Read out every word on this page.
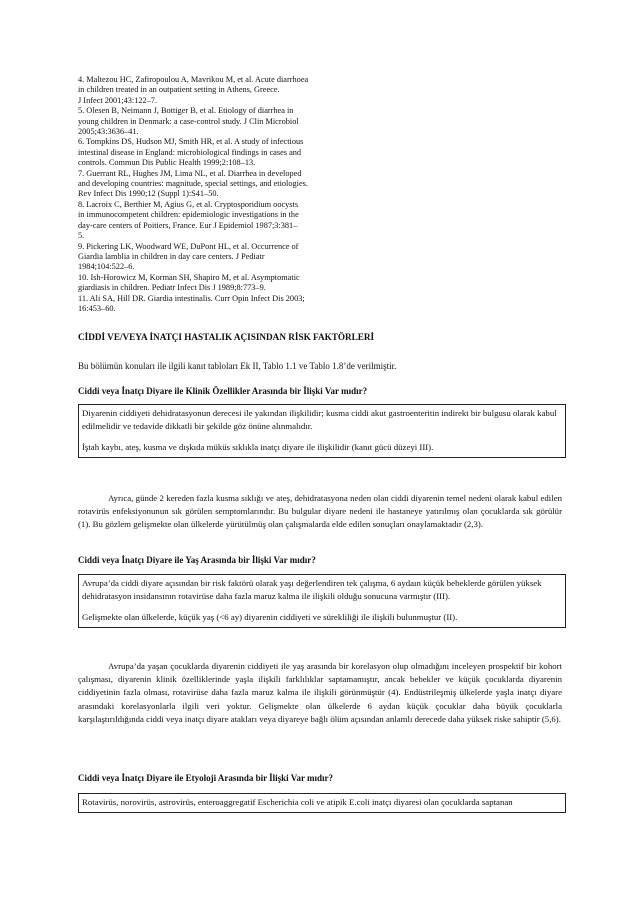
4. Maltezou HC, Zafiropoulou A, Mavrikou M, et al. Acute diarrhoea
in children treated in an outpatient setting in Athens, Greece.
J Infect 2001;43:122–7.
5. Olesen B, Neimann J, Bottiger B, et al. Etiology of diarrhea in
young children in Denmark: a case-control study. J Clin Microbiol
2005;43:3636–41.
6. Tompkins DS, Hudson MJ, Smith HR, et al. A study of infectious
intestinal disease in England: microbiological findings in cases and
controls. Commun Dis Public Health 1999;2:108–13.
7. Guerrant RL, Hughes JM, Lima NL, et al. Diarrhea in developed
and developing countries: magnitude, special settings, and etiologies.
Rev Infect Dis 1990;12 (Suppl 1):S41–50.
8. Lacroix C, Berthier M, Agius G, et al. Cryptosporidium oocysts
in immunocompetent children: epidemiologic investigations in the
day-care centers of Poitiers, France. Eur J Epidemiol 1987;3:381–
5.
9. Pickering LK, Woodward WE, DuPont HL, et al. Occurrence of
Giardia lamblia in children in day care centers. J Pediatr
1984;104:522–6.
10. Ish-Horowicz M, Korman SH, Shapiro M, et al. Asymptomatic
giardiasis in children. Pediatr Infect Dis J 1989;8:773–9.
11. Ali SA, Hill DR. Giardia intestinalis. Curr Opin Infect Dis 2003;
16:453–60.
CİDDİ VE/VEYA İNATÇI HASTALIK AÇISINDAN RİSK FAKTÖRLERİ
Bu bölümün konuları ile ilgili kanıt tabloları Ek II, Tablo 1.1 ve Tablo 1.8’de verilmiştir.
Ciddi veya İnatçı Diyare ile Klinik Özellikler Arasında bir İlişki Var mıdır?

Diyarenin ciddiyeti dehidratasyonun derecesi ile yakından ilişkilidir; kusma ciddi akut gastroenteritin indirekt bir bulgusu olarak kabul edilmelidir ve tedavide dikkatli bir şekilde göz önüne alınmalıdır.

İştah kaybı, ateş, kusma ve dışkıda müküs sıklıkla inatçı diyare ile ilişkilidir (kanıt gücü düzeyi III).

Ayrıca, günde 2 kereden fazla kusma sıklığı ve ateş, dehidratasyona neden olan ciddi diyarenin temel nedeni olarak kabul edilen rotavirüs enfeksiyonunun sık görülen semptomlarındır. Bu bulgular diyare nedeni ile hastaneye yatırılmış olan çocuklarda sık görülür (1). Bu gözlem gelişmekte olan ülkelerde yürütülmüş olan çalışmalarda elde edilen sonuçları onaylamaktadır (2,3).

Ciddi veya İnatçı Diyare ile Yaş Arasında bir İlişki Var mıdır?

Avrupa’da ciddi diyare açısından bir risk faktörü olarak yaşı değerlendiren tek çalışma, 6 aydaın küçük bebeklerde görülen yüksek dehidratasyon insidansının rotavirüse daha fazla maruz kalma ile ilişkili olduğu sonucuna varmıştır (III).

Gelişmekte olan ülkelerde, küçük yaş (<6 ay) diyarenin ciddiyeti ve sürekliliği ile ilişkili bulunmuştur (II).

Avrupa’da yaşan çocuklarda diyarenin ciddiyeti ile yaş arasında bir korelasyon olup olmadığını inceleyen prospektif bir kohort çalışması, diyarenin klinik özelliklerinde yaşla ilişkili farklılıklar saptamamıştır, ancak bebekler ve küçük çocuklarda diyarenin ciddiyetinin fazla olması, rotavirüse daha fazla maruz kalma ile ilişkili görünmüştür (4). Endüstrileşmiş ülkelerde yaşla inatçı diyare arasındaki korelasyonlarla ilgili veri yoktur. Gelişmekte olan ülkelerde 6 aydan küçük çocuklar daha büyük çocuklarla karşılaştırıldığında ciddi veya inatçı diyare atakları veya diyareye bağlı ölüm açısından anlamlı derecede daha yüksek riske sahiptir (5,6).

Ciddi veya İnatçı Diyare ile Etyoloji Arasında bir İlişki Var mıdır?

Rotavirüs, norovirüs, astrovirüs, enteroaggregatif Escherichia coli ve atipik E.coli inatçı diyaresi olan çocuklarda saptanan
